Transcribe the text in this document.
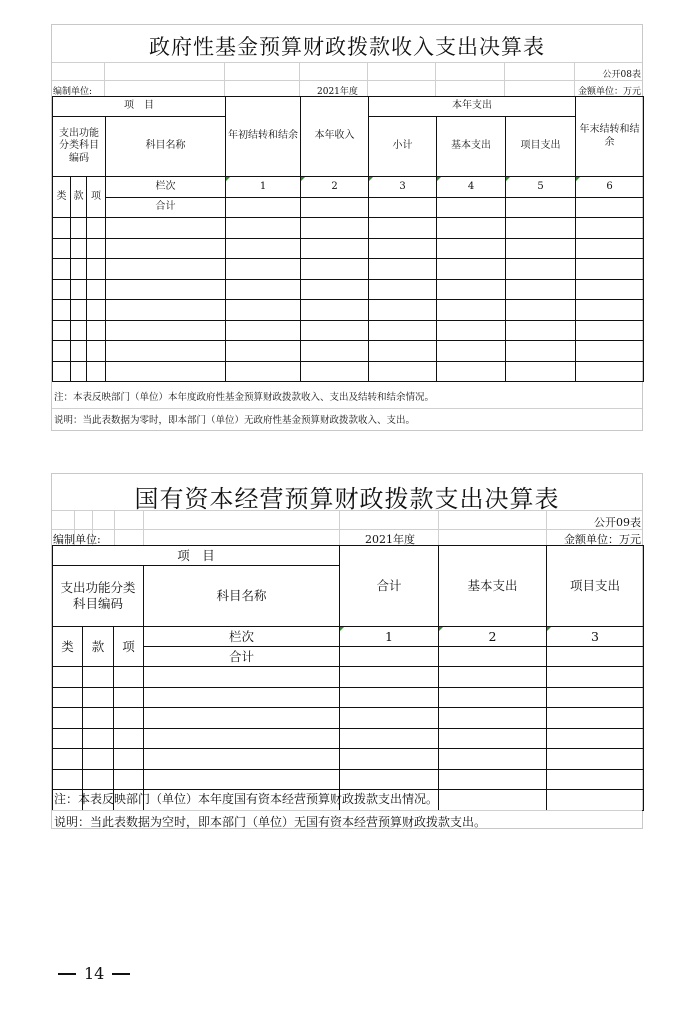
政府性基金预算财政拨款收入支出决算表
公开08表
编制单位:	2021年度	金额单位：万元
项　目				年初结转和结余	本年收入	本年支出			年末结转和结余
支出功能分类科目编码			科目名称			小计	基本支出	项目支出	
类	款	项	栏次	1	2	3	4	5	6
			合计						

注：本表反映部门（单位）本年度政府性基金预算财政拨款收入、支出及结转和结余情况。
说明：当此表数据为零时，即本部门（单位）无政府性基金预算财政拨款收入、支出。
国有资本经营预算财政拨款支出决算表
公开09表
编制单位:	2021年度	金额单位：万元
项　目				合计	基本支出	项目支出
支出功能分类科目编码			科目名称			
类	款	项	栏次	1	2	3
			合计			

注：本表反映部门（单位）本年度国有资本经营预算财政拨款支出情况。
说明：当此表数据为空时，即本部门（单位）无国有资本经营预算财政拨款支出。
14
